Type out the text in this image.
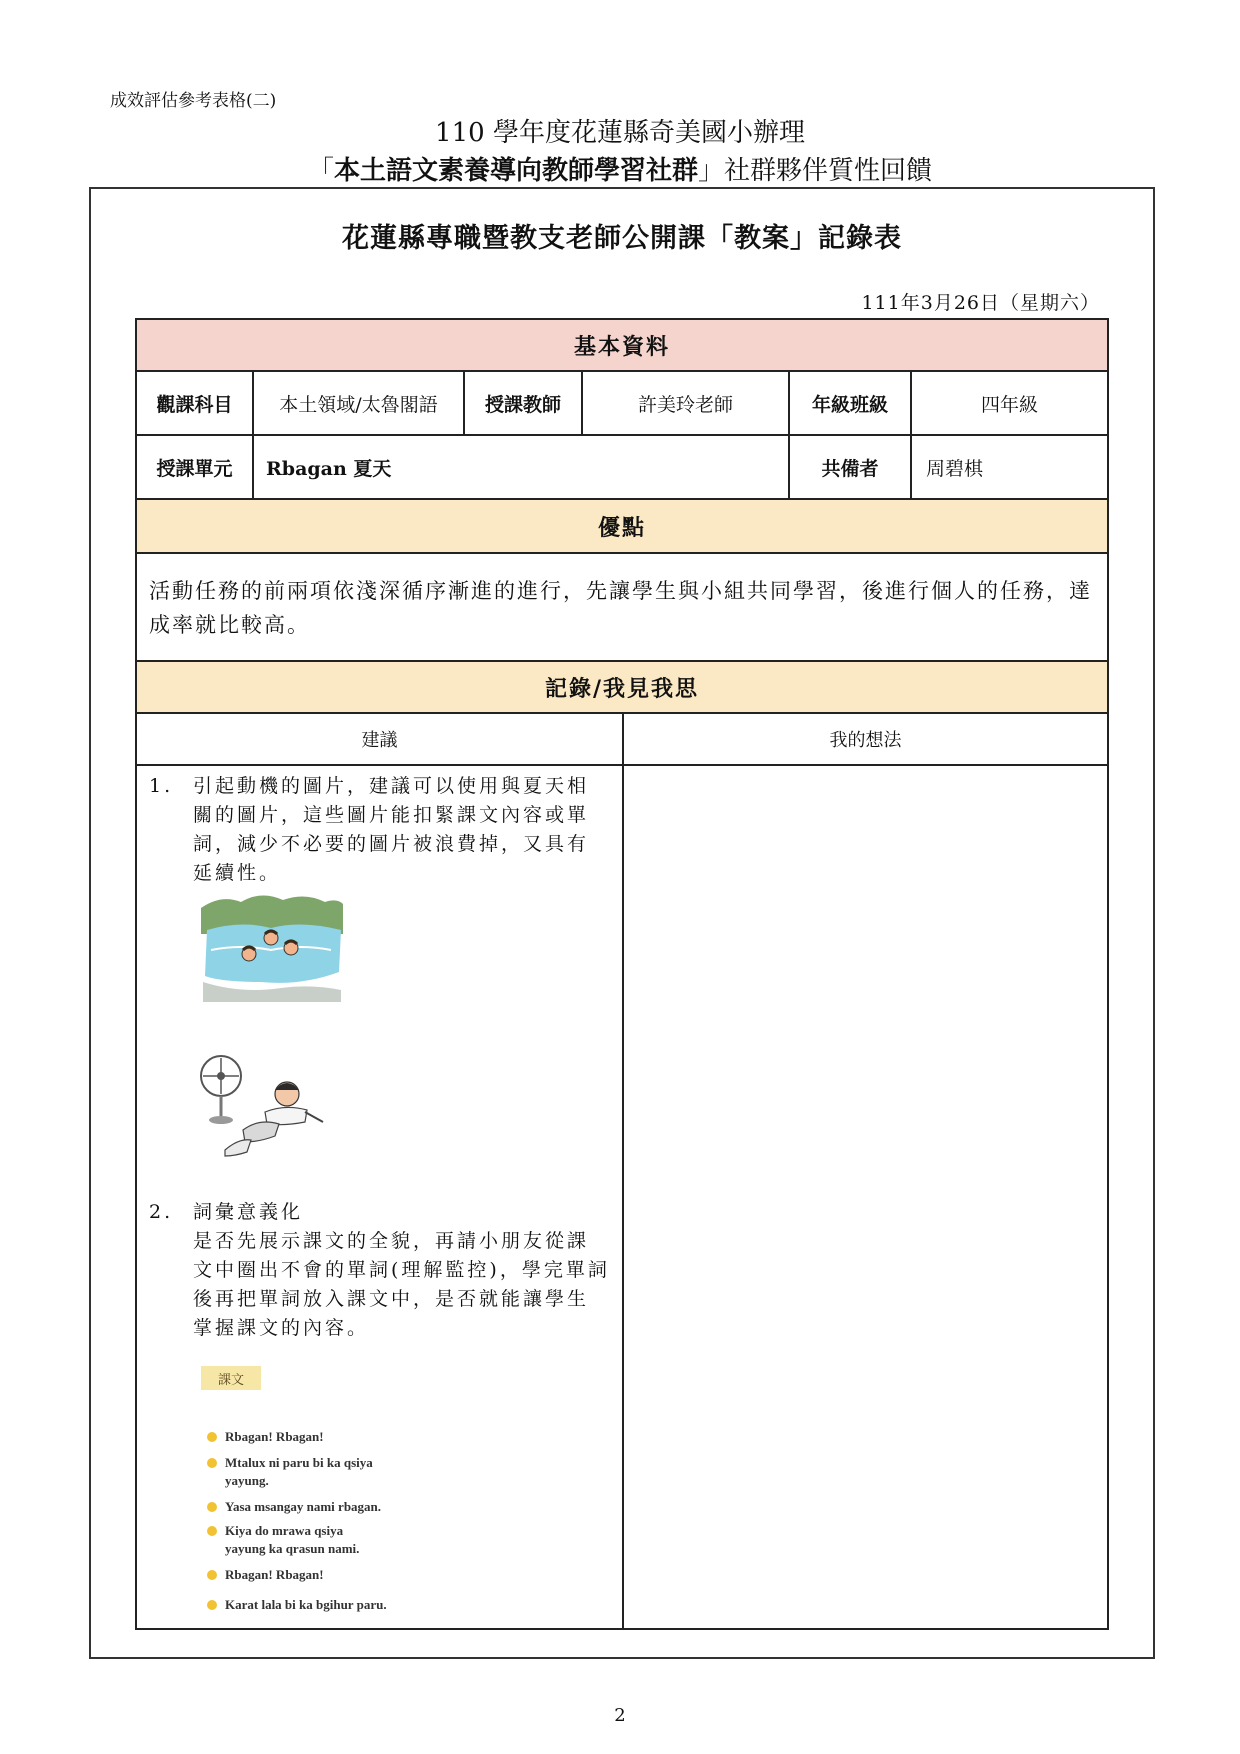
成效評估參考表格(二)
110 學年度花蓮縣奇美國小辦理
「本土語文素養導向教師學習社群」社群夥伴質性回饋
花蓮縣專職暨教支老師公開課「教案」記錄表
111年3月26日（星期六）
基本資料
觀課科目	本土領域/太魯閣語	授課教師	許美玲老師	年級班級	四年級
授課單元	Rbagan 夏天	共備者	周碧棋
優點
活動任務的前兩項依淺深循序漸進的進行，先讓學生與小組共同學習，後進行個人的任務，達成率就比較高。
記錄/我見我思
建議	我的想法
1. 引起動機的圖片，建議可以使用與夏天相
關的圖片，這些圖片能扣緊課文內容或單
詞，減少不必要的圖片被浪費掉，又具有
延續性。
2. 詞彙意義化
是否先展示課文的全貌，再請小朋友從課
文中圈出不會的單詞(理解監控)，學完單詞
後再把單詞放入課文中，是否就能讓學生
掌握課文的內容。
課文
Rbagan! Rbagan!
Mtalux ni paru bi ka qsiya
yayung.
Yasa msangay nami rbagan.
Kiya do mrawa qsiya
yayung ka qrasun nami.
Rbagan! Rbagan!
Karat lala bi ka bgihur paru.
2
